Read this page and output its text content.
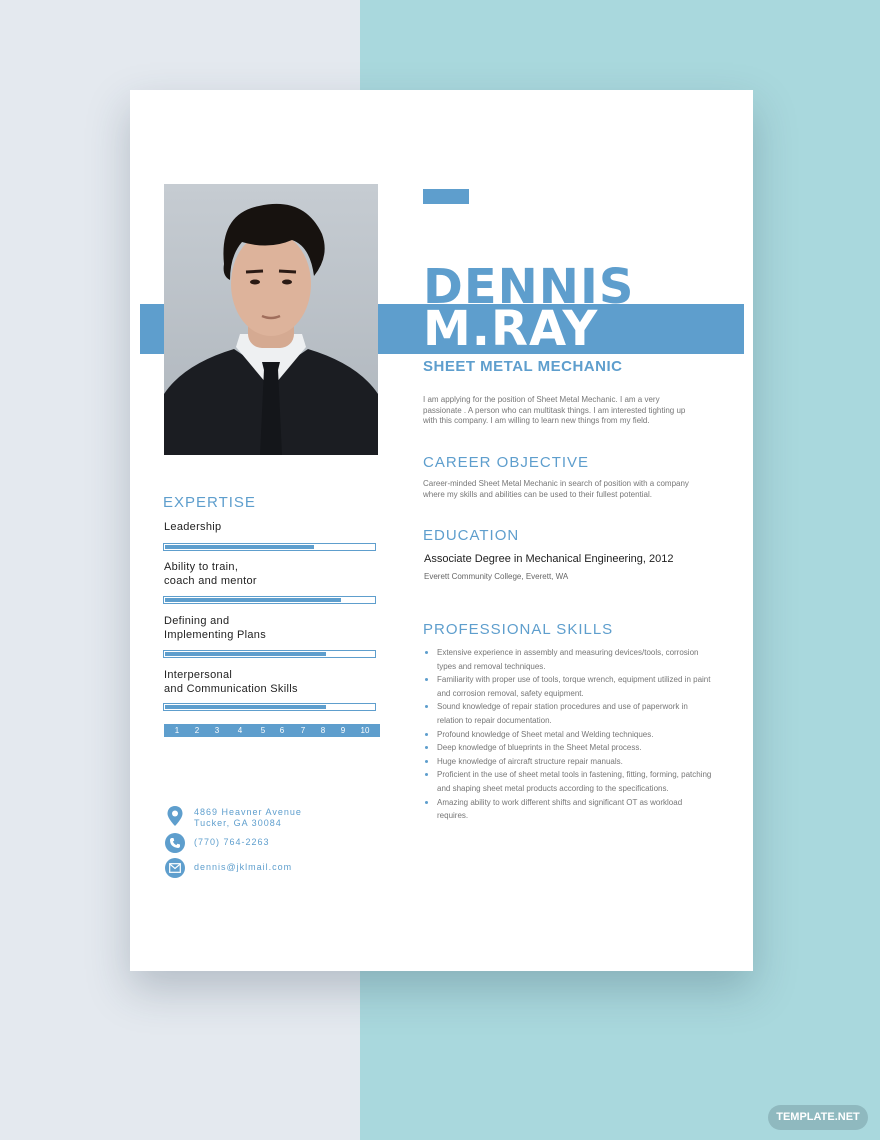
DENNIS
M.RAY
SHEET METAL MECHANIC
I am applying for the position of Sheet Metal Mechanic. I am a very passionate . A person who can multitask things. I am interested tighting up with this company. I am willing to learn new things from my field.
CAREER OBJECTIVE
Career-minded Sheet Metal Mechanic in search of position with a company where my skills and abilities can be used to their fullest potential.
EDUCATION
Associate Degree in Mechanical Engineering, 2012
Everett Community College, Everett, WA
PROFESSIONAL SKILLS
Extensive experience in assembly and measuring devices/tools, corrosion types and removal techniques.
Familiarity with proper use of tools, torque wrench, equipment utilized in paint and corrosion removal, safety equipment.
Sound knowledge of repair station procedures and use of paperwork in relation to repair documentation.
Profound knowledge of Sheet metal and Welding techniques.
Deep knowledge of blueprints in the Sheet Metal process.
Huge knowledge of aircraft structure repair manuals.
Proficient in the use of sheet metal tools in fastening, fitting, forming, patching and shaping sheet metal products according to the specifications.
Amazing ability to work different shifts and significant OT as workload requires.
EXPERTISE
Leadership
Ability to train,
coach and mentor
Defining and
Implementing Plans
Interpersonal
and Communication Skills
1 2 3 4 5 6 7 8 9 10
4869 Heavner Avenue
Tucker, GA 30084
(770) 764-2263
dennis@jklmail.com
TEMPLATE.NET
